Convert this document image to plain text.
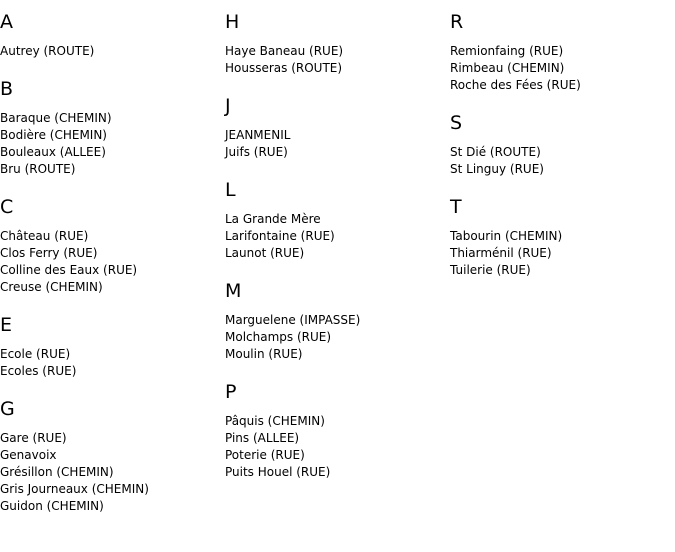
A
Autrey (ROUTE)
B
Baraque (CHEMIN)
Bodière (CHEMIN)
Bouleaux (ALLEE)
Bru (ROUTE)
C
Château (RUE)
Clos Ferry (RUE)
Colline des Eaux (RUE)
Creuse (CHEMIN)
E
Ecole (RUE)
Ecoles (RUE)
G
Gare (RUE)
Genavoix
Grésillon (CHEMIN)
Gris Journeaux (CHEMIN)
Guidon (CHEMIN)
H
Haye Baneau (RUE)
Housseras (ROUTE)
J
JEANMENIL
Juifs (RUE)
L
La Grande Mère
Larifontaine (RUE)
Launot (RUE)
M
Marguelene (IMPASSE)
Molchamps (RUE)
Moulin (RUE)
P
Pâquis (CHEMIN)
Pins (ALLEE)
Poterie (RUE)
Puits Houel (RUE)
R
Remionfaing (RUE)
Rimbeau (CHEMIN)
Roche des Fées (RUE)
S
St Dié (ROUTE)
St Linguy (RUE)
T
Tabourin (CHEMIN)
Thiarménil (RUE)
Tuilerie (RUE)
